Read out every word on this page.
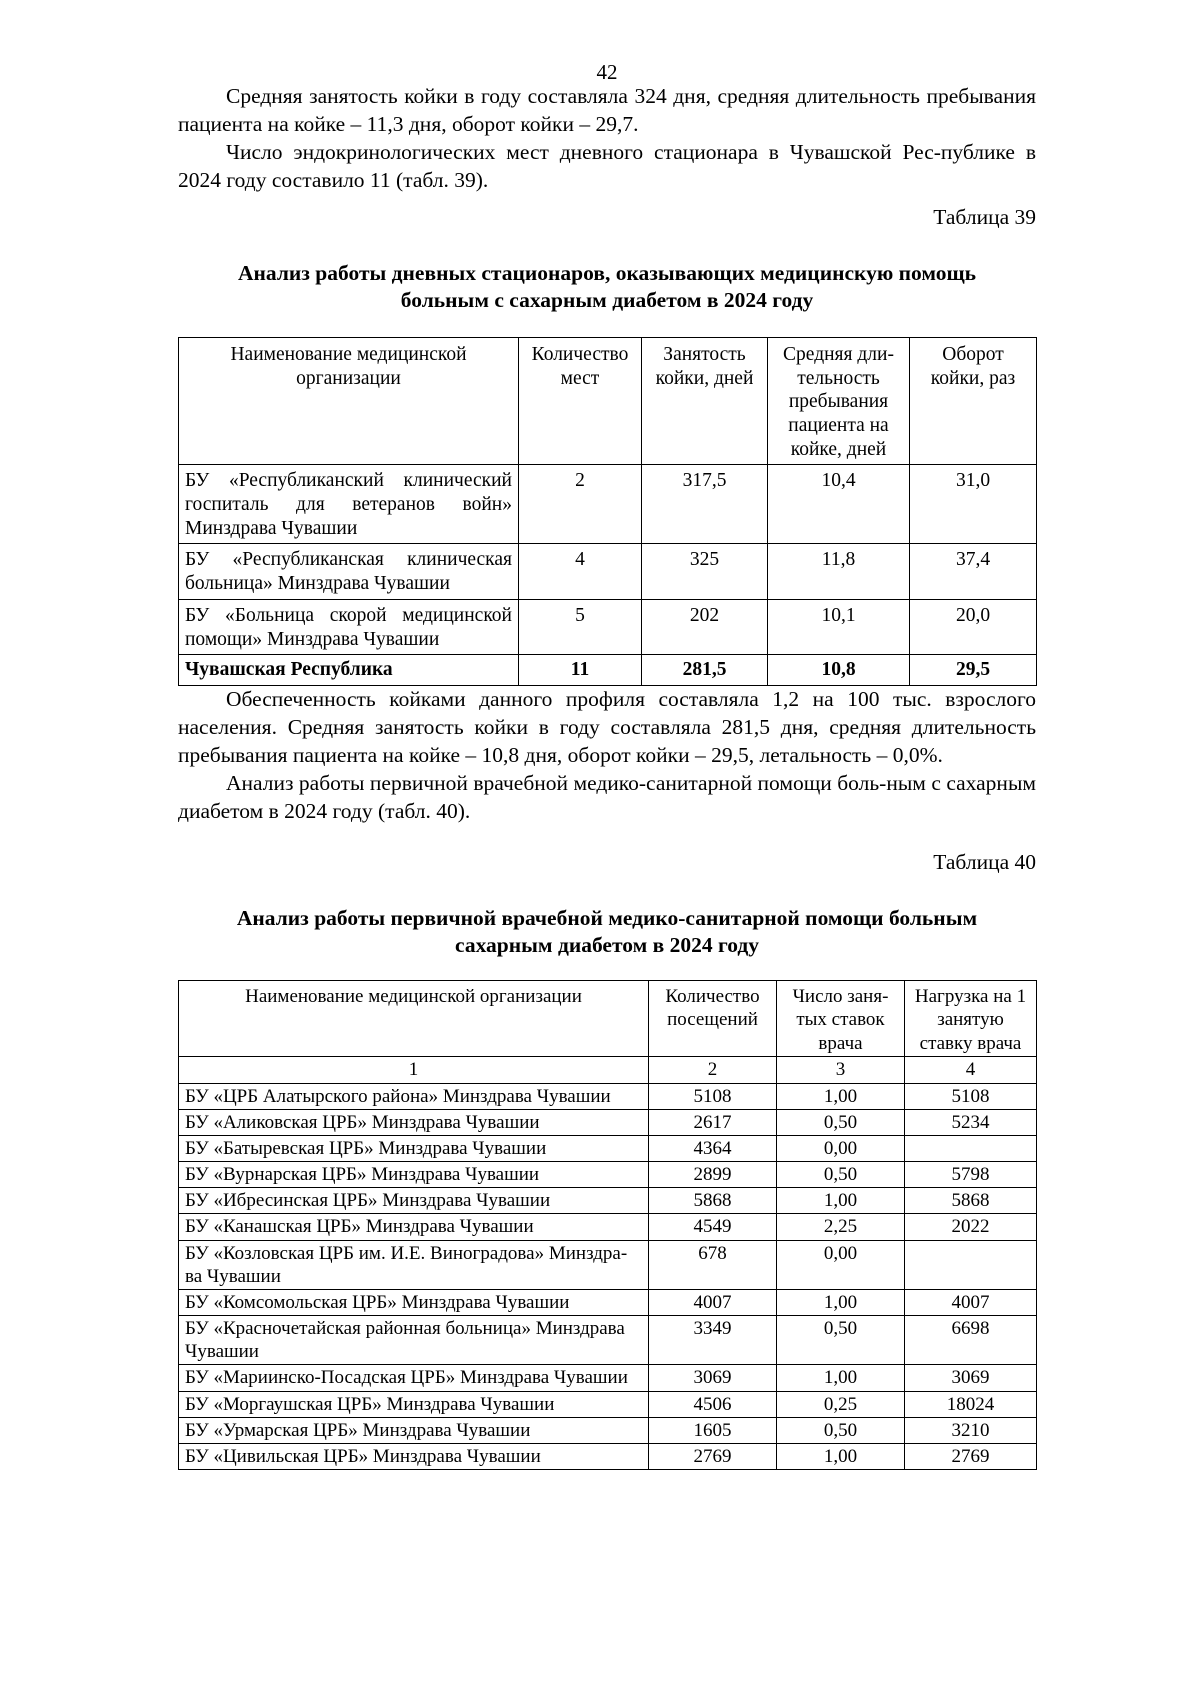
42

Средняя занятость койки в году составляла 324 дня, средняя длительность пребывания пациента на койке – 11,3 дня, оборот койки – 29,7.

Число эндокринологических мест дневного стационара в Чувашской Рес-публике в 2024 году составило 11 (табл. 39).

Таблица 39
Анализ работы дневных стационаров, оказывающих медицинскую помощь больным с сахарным диабетом в 2024 году
Наименование медицинской организации	Количество мест	Занятость койки, дней	Средняя дли-тельность пребывания пациента на койке, дней	Оборот койки, раз
БУ «Республиканский клинический госпиталь для ветеранов войн» Минздрава Чувашии	2	317,5	10,4	31,0
БУ «Республиканская клиническая больница» Минздрава Чувашии	4	325	11,8	37,4
БУ «Больница скорой медицинской помощи» Минздрава Чувашии	5	202	10,1	20,0
Чувашская Республика	11	281,5	10,8	29,5

Обеспеченность койками данного профиля составляла 1,2 на 100 тыс. взрослого населения. Средняя занятость койки в году составляла 281,5 дня, средняя длительность пребывания пациента на койке – 10,8 дня, оборот койки – 29,5, летальность – 0,0%.

Анализ работы первичной врачебной медико-санитарной помощи боль-ным с сахарным диабетом в 2024 году (табл. 40).

Таблица 40
Анализ работы первичной врачебной медико-санитарной помощи больным сахарным диабетом в 2024 году
Наименование медицинской организации	Количество посещений	Число заня-тых ставок врача	Нагрузка на 1 занятую ставку врача
1	2	3	4
БУ «ЦРБ Алатырского района» Минздрава Чувашии	5108	1,00	5108
БУ «Аликовская ЦРБ» Минздрава Чувашии	2617	0,50	5234
БУ «Батыревская ЦРБ» Минздрава Чувашии	4364	0,00	
БУ «Вурнарская ЦРБ» Минздрава Чувашии	2899	0,50	5798
БУ «Ибресинская ЦРБ» Минздрава Чувашии	5868	1,00	5868
БУ «Канашская ЦРБ» Минздрава Чувашии	4549	2,25	2022
БУ «Козловская ЦРБ им. И.Е. Виноградова» Минздра-ва Чувашии	678	0,00	
БУ «Комсомольская ЦРБ» Минздрава Чувашии	4007	1,00	4007
БУ «Красночетайская районная больница» Минздрава Чувашии	3349	0,50	6698
БУ «Мариинско-Посадская ЦРБ» Минздрава Чувашии	3069	1,00	3069
БУ «Моргаушская ЦРБ» Минздрава Чувашии	4506	0,25	18024
БУ «Урмарская ЦРБ» Минздрава Чувашии	1605	0,50	3210
БУ «Цивильская ЦРБ» Минздрава Чувашии	2769	1,00	2769
